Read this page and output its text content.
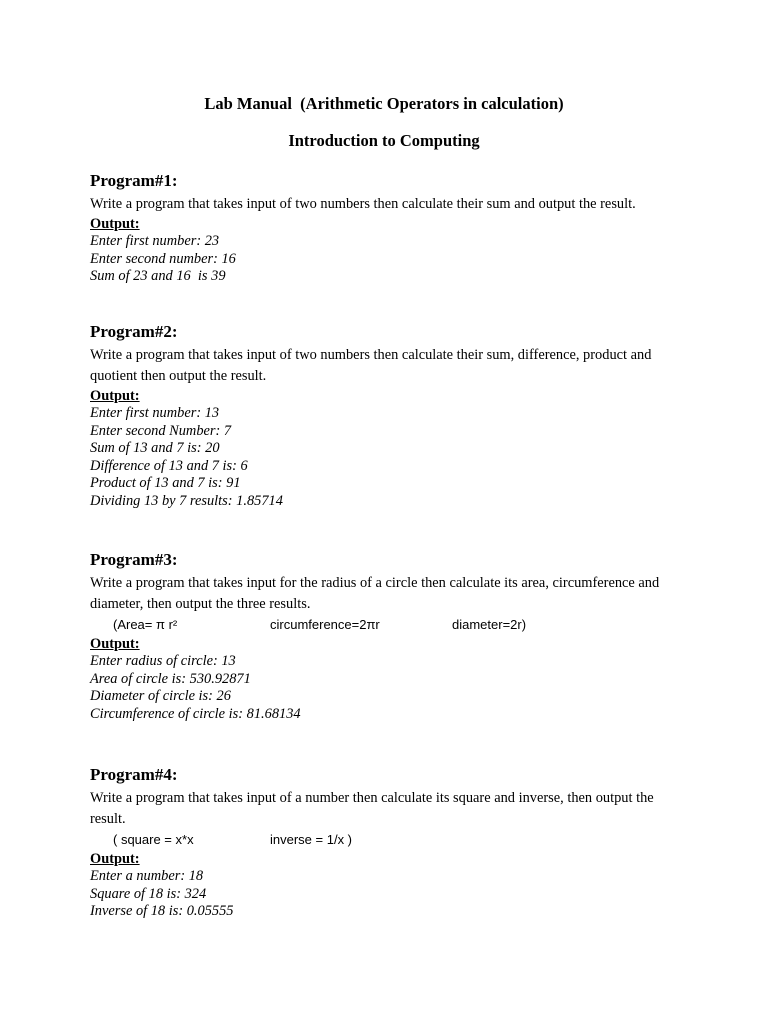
Lab Manual  (Arithmetic Operators in calculation)
Introduction to Computing
Program#1:
Write a program that takes input of two numbers then calculate their sum and output the result.
Output:
Enter first number: 23
Enter second number: 16
Sum of 23 and 16  is 39
Program#2:
Write a program that takes input of two numbers then calculate their sum, difference, product and quotient then output the result.
Output:
Enter first number: 13
Enter second Number: 7
Sum of 13 and 7 is: 20
Difference of 13 and 7 is: 6
Product of 13 and 7 is: 91
Dividing 13 by 7 results: 1.85714
Program#3:
Write a program that takes input for the radius of a circle then calculate its area, circumference and diameter, then output the three results.

(Area= π r²

	circumference=2πr

	diameter=2r)

Output:
Enter radius of circle: 13
Area of circle is: 530.92871
Diameter of circle is: 26
Circumference of circle is: 81.68134
Program#4:
Write a program that takes input of a number then calculate its square and inverse, then output the result.

( square = x*x

	inverse = 1/x )

Output:
Enter a number: 18
Square of 18 is: 324
Inverse of 18 is: 0.05555
